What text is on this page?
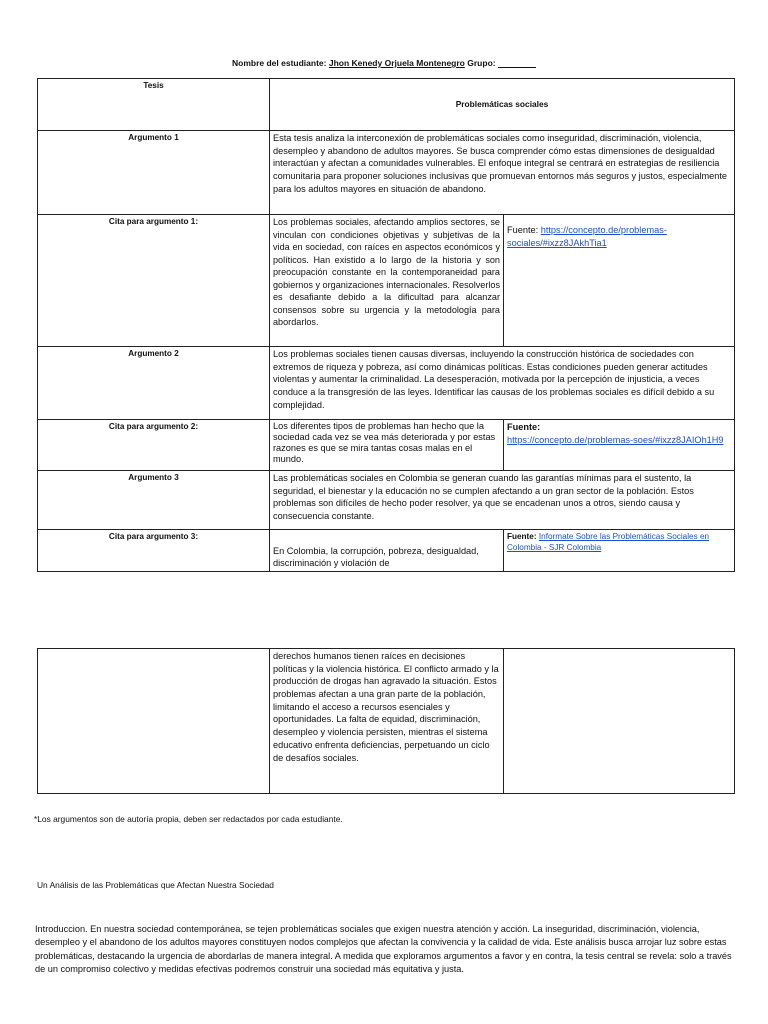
Nombre del estudiante: Jhon Kenedy Orjuela Montenegro Grupo:
Tesis	Problemáticas sociales	
Argumento 1	Esta tesis analiza la interconexión de problemáticas sociales como inseguridad, discriminación, violencia, desempleo y abandono de adultos mayores. Se busca comprender cómo estas dimensiones de desigualdad interactúan y afectan a comunidades vulnerables. El enfoque integral se centrará en estrategias de resiliencia comunitaria para proponer soluciones inclusivas que promuevan entornos más seguros y justos, especialmente para los adultos mayores en situación de abandono.	
Cita para argumento 1:	Los problemas sociales, afectando amplios sectores, se vinculan con condiciones objetivas y subjetivas de la vida en sociedad, con raíces en aspectos económicos y políticos. Han existido a lo largo de la historia y son preocupación constante en la contemporaneidad para gobiernos y organizaciones internacionales. Resolverlos es desafiante debido a la dificultad para alcanzar consensos sobre su urgencia y la metodología para abordarlos.	Fuente: https://concepto.de/problemas-sociales/#ixzz8JAkhTia1

Argumento 2	Los problemas sociales tienen causas diversas, incluyendo la construcción histórica de sociedades con extremos de riqueza y pobreza, así como dinámicas políticas. Estas condiciones pueden generar actitudes violentas y aumentar la criminalidad. La desesperación, motivada por la percepción de injusticia, a veces conduce a la transgresión de las leyes. Identificar las causas de los problemas sociales es difícil debido a su complejidad.	
Cita para argumento 2:	Los diferentes tipos de problemas han hecho que la sociedad cada vez se vea más deteriorada y por estas razones es que se mira tantas cosas malas en el mundo.	Fuente:
https://concepto.de/problemas-soes/#ixzz8JAIOh1H9
Argumento 3	Las problemáticas sociales en Colombia se generan cuando las garantías mínimas para el sustento, la seguridad, el bienestar y la educación no se cumplen afectando a un gran sector de la población. Estos problemas son difíciles de hecho poder resolver, ya que se encadenan unos a otros, siendo causa y consecuencia constante.	
Cita para argumento 3:	En Colombia, la corrupción, pobreza, desigualdad, discriminación y violación de	Fuente: Informate Sobre las Problemáticas Sociales en Colombia - SJR Colombia
	derechos humanos tienen raíces en decisiones políticas y la violencia histórica. El conflicto armado y la producción de drogas han agravado la situación. Estos problemas afectan a una gran parte de la población, limitando el acceso a recursos esenciales y oportunidades. La falta de equidad, discriminación, desempleo y violencia persisten, mientras el sistema educativo enfrenta deficiencias, perpetuando un ciclo de desafíos sociales.	
*Los argumentos son de autoría propia, deben ser redactados por cada estudiante.
Un Análisis de las Problemáticas que Afectan Nuestra Sociedad
Introduccion. En nuestra sociedad contemporánea, se tejen problemáticas sociales que exigen nuestra atención y acción. La inseguridad, discriminación, violencia, desempleo y el abandono de los adultos mayores constituyen nodos complejos que afectan la convivencia y la calidad de vida. Este análisis busca arrojar luz sobre estas problemáticas, destacando la urgencia de abordarlas de manera integral. A medida que exploramos argumentos a favor y en contra, la tesis central se revela: solo a través de un compromiso colectivo y medidas efectivas podremos construir una sociedad más equitativa y justa.
